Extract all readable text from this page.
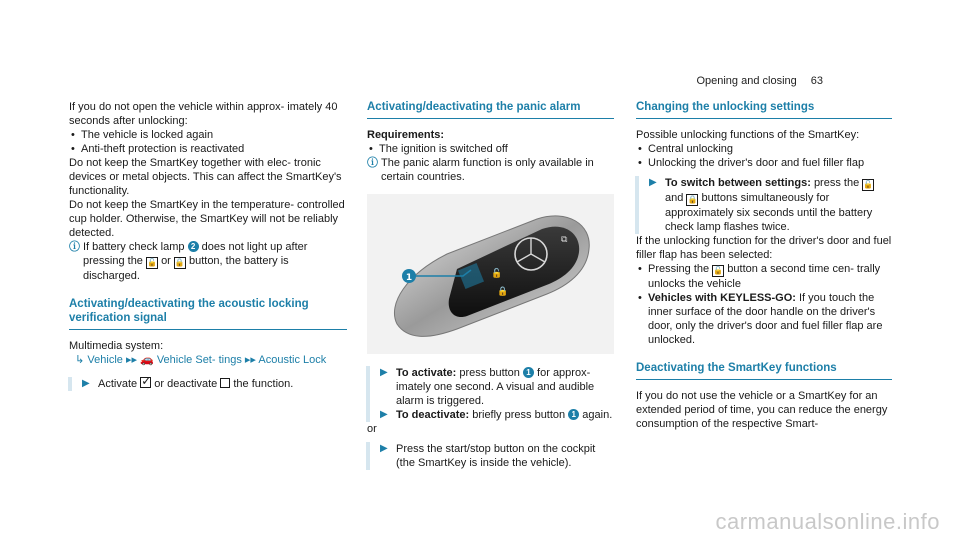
Opening and closing 63

If you do not open the vehicle within approx- imately 40 seconds after unlocking:

• The vehicle is locked again
• Anti-theft protection is reactivated

Do not keep the SmartKey together with elec- tronic devices or metal objects. This can affect the SmartKey's functionality.

Do not keep the SmartKey in the temperature- controlled cup holder. Otherwise, the SmartKey will not be reliably detected.

ⓘ If battery check lamp 2 does not light up after pressing the 🔓 or 🔒 button, the battery is discharged.
Activating/deactivating the acoustic locking verification signal

Multimedia system:

↳ Vehicle ▸▸ 🚗 Vehicle Set- tings ▸▸ Acoustic Lock
▶ Activate ✓ or deactivate the function.
Activating/deactivating the panic alarm

Requirements:

• The ignition is switched off
ⓘ The panic alarm function is only available in certain countries.
🔓
🔒
⧉
1
▶ To activate: press button 1 for approx- imately one second. A visual and audible alarm is triggered.
▶ To deactivate: briefly press button 1 again.

or

▶ Press the start/stop button on the cockpit (the SmartKey is inside the vehicle).
Changing the unlocking settings

Possible unlocking functions of the SmartKey:

• Central unlocking
• Unlocking the driver's door and fuel filler flap
▶ To switch between settings: press the 🔓 and 🔒 buttons simultaneously for approximately six seconds until the battery check lamp flashes twice.

If the unlocking function for the driver's door and fuel filler flap has been selected:

• Pressing the 🔓 button a second time cen- trally unlocks the vehicle
• Vehicles with KEYLESS-GO: If you touch the inner surface of the door handle on the driver's door, only the driver's door and fuel filler flap are unlocked.
Deactivating the SmartKey functions

If you do not use the vehicle or a SmartKey for an extended period of time, you can reduce the energy consumption of the respective Smart-

carmanualsonline.info
